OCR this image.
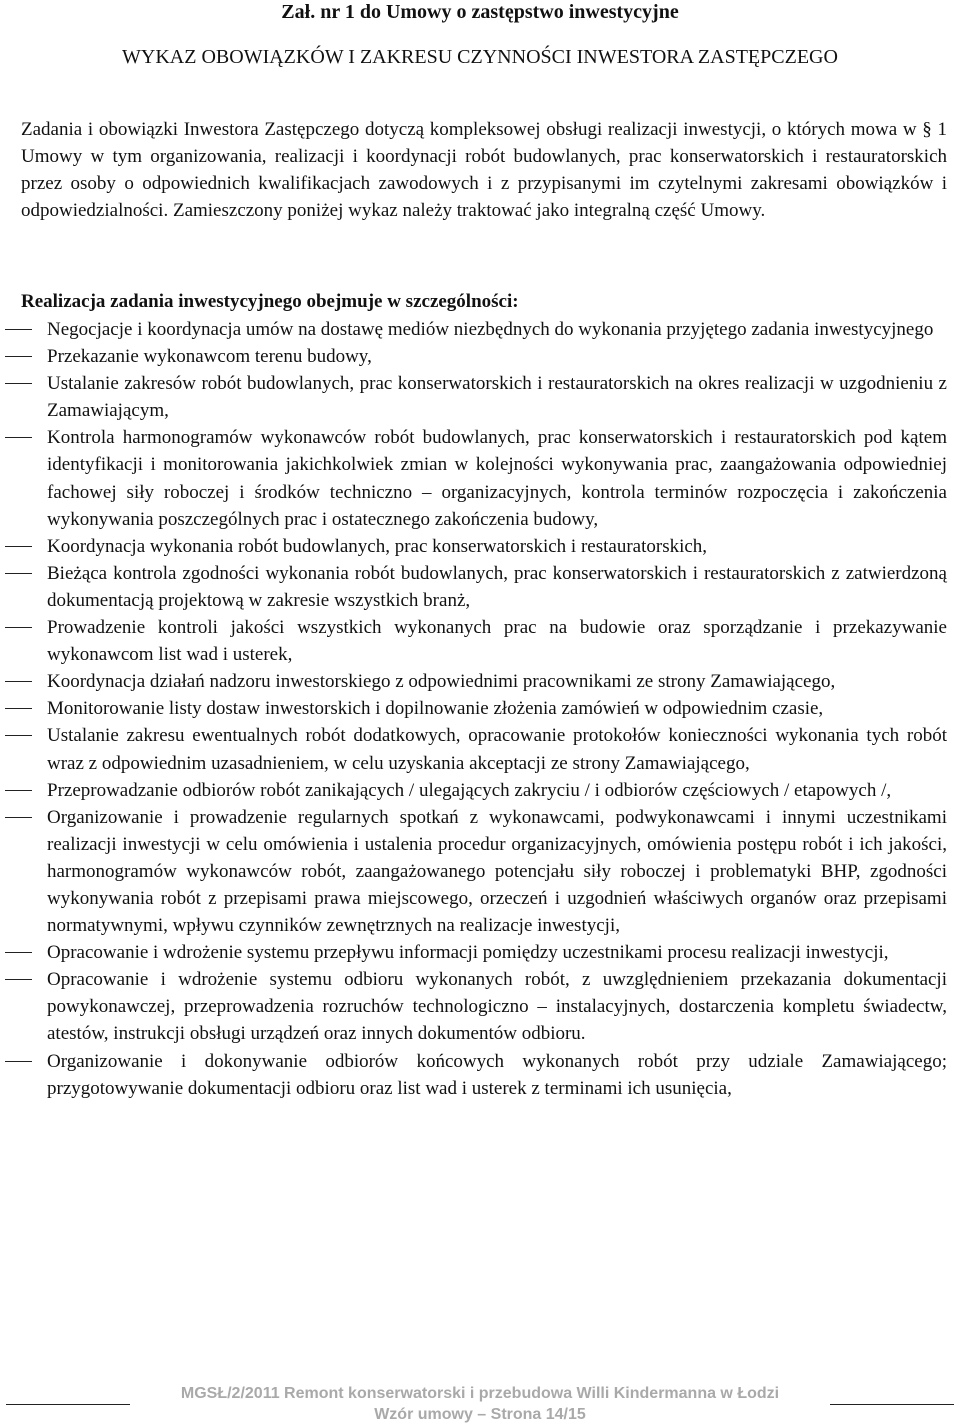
Zał. nr 1 do Umowy o zastępstwo inwestycyjne
WYKAZ OBOWIĄZKÓW I ZAKRESU CZYNNOŚCI INWESTORA ZASTĘPCZEGO

Zadania i obowiązki Inwestora Zastępczego dotyczą kompleksowej obsługi realizacji inwestycji, o których mowa w § 1 Umowy w tym organizowania, realizacji i koordynacji robót budowlanych, prac konserwatorskich i restauratorskich przez osoby o odpowiednich kwalifikacjach zawodowych i z przypisanymi im czytelnymi zakresami obowiązków i odpowiedzialności. Zamieszczony poniżej wykaz należy traktować jako integralną część Umowy.

Realizacja zadania inwestycyjnego obejmuje w szczególności:
Negocjacje i koordynacja umów na dostawę mediów niezbędnych do wykonania przyjętego zadania inwestycyjnego
Przekazanie wykonawcom terenu budowy,
Ustalanie zakresów robót budowlanych, prac konserwatorskich i restauratorskich na okres realizacji w uzgodnieniu z Zamawiającym,
Kontrola harmonogramów wykonawców robót budowlanych, prac konserwatorskich i restauratorskich pod kątem identyfikacji i monitorowania jakichkolwiek zmian w kolejności wykonywania prac, zaangażowania odpowiedniej fachowej siły roboczej i środków techniczno – organizacyjnych, kontrola terminów rozpoczęcia i zakończenia wykonywania poszczególnych prac i ostatecznego zakończenia budowy,
Koordynacja wykonania robót budowlanych, prac konserwatorskich i restauratorskich,
Bieżąca kontrola zgodności wykonania robót budowlanych, prac konserwatorskich i restauratorskich z zatwierdzoną dokumentacją projektową w zakresie wszystkich branż,
Prowadzenie kontroli jakości wszystkich wykonanych prac na budowie oraz sporządzanie i przekazywanie wykonawcom list wad i usterek,
Koordynacja działań nadzoru inwestorskiego z odpowiednimi pracownikami ze strony Zamawiającego,
Monitorowanie listy dostaw inwestorskich i dopilnowanie złożenia zamówień w odpowiednim czasie,
Ustalanie zakresu ewentualnych robót dodatkowych, opracowanie protokołów konieczności wykonania tych robót wraz z odpowiednim uzasadnieniem, w celu uzyskania akceptacji ze strony Zamawiającego,
Przeprowadzanie odbiorów robót zanikających / ulegających zakryciu / i odbiorów częściowych / etapowych /,
Organizowanie i prowadzenie regularnych spotkań z wykonawcami, podwykonawcami i innymi uczestnikami realizacji inwestycji w celu omówienia i ustalenia procedur organizacyjnych, omówienia postępu robót i ich jakości, harmonogramów wykonawców robót, zaangażowanego potencjału siły roboczej i problematyki BHP, zgodności wykonywania robót z przepisami prawa miejscowego, orzeczeń i uzgodnień właściwych organów oraz przepisami normatywnymi, wpływu czynników zewnętrznych na realizacje inwestycji,
Opracowanie i wdrożenie systemu przepływu informacji pomiędzy uczestnikami procesu realizacji inwestycji,
Opracowanie i wdrożenie systemu odbioru wykonanych robót, z uwzględnieniem przekazania dokumentacji powykonawczej, przeprowadzenia rozruchów technologiczno – instalacyjnych, dostarczenia kompletu świadectw, atestów, instrukcji obsługi urządzeń oraz innych dokumentów odbioru.
Organizowanie i dokonywanie odbiorów końcowych wykonanych robót przy udziale Zamawiającego; przygotowywanie dokumentacji odbioru oraz list wad i usterek z terminami ich usunięcia,
MGSŁ/2/2011 Remont konserwatorski i przebudowa Willi Kindermanna w Łodzi
Wzór umowy – Strona 14/15
